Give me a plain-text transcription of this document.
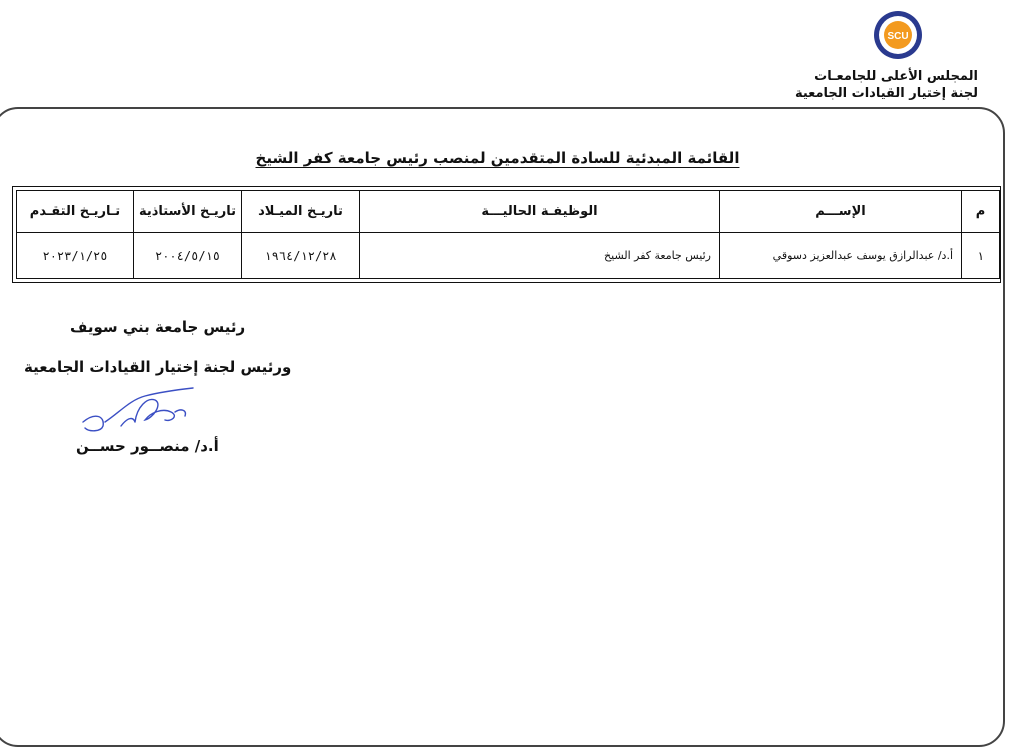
SCU
المجلس الأعلى للجامعـات
لجنة إختيار القيادات الجامعية
القائمة المبدئية للسادة المتقدمين لمنصب رئيس جامعة كفر الشيخ
م	الإســـم	الوظيفـة الحاليـــة	تاريـخ الميـلاد	تاريـخ الأستاذية	تـاريـخ التقـدم
١	أ.د/ عبدالرازق يوسف عبدالعزيز دسوقي	رئيس جامعة كفر الشيخ	١٩٦٤/١٢/٢٨	٢٠٠٤/٥/١٥	٢٠٢٣/١/٢٥
رئيس جامعة بني سويف
ورئيس لجنة إختيار القيادات الجامعية
أ.د/ منصــور حســن
